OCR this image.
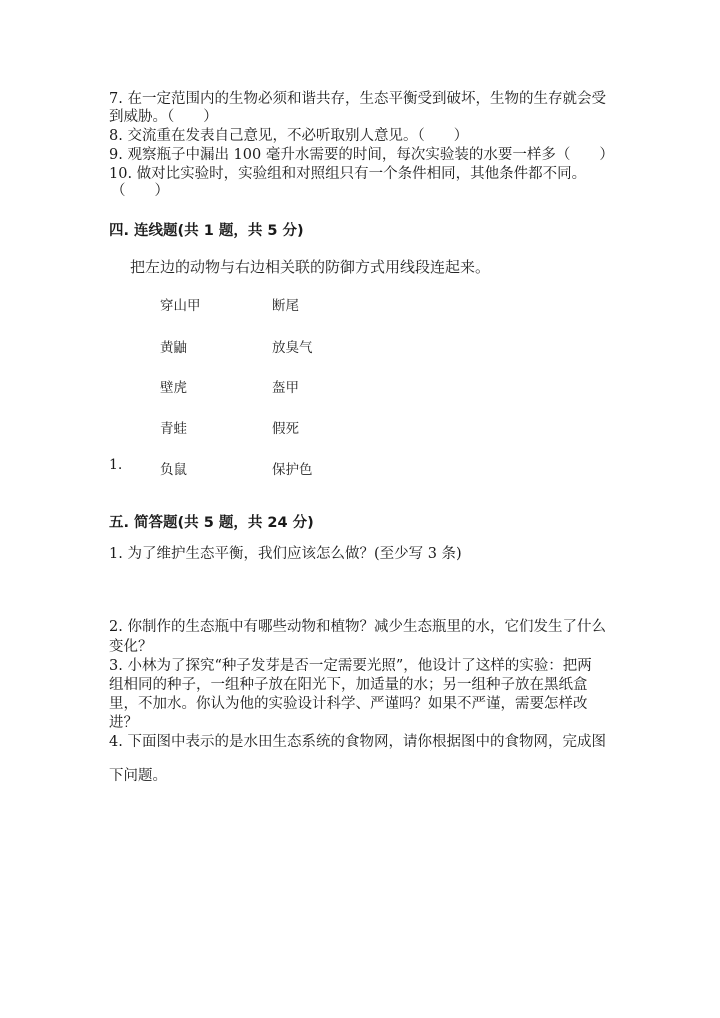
7. 在一定范围内的生物必须和谐共存，生态平衡受到破坏，生物的生存就会受
到威胁。（　　）
8. 交流重在发表自己意见，不必听取别人意见。（　　）
9. 观察瓶子中漏出 100 毫升水需要的时间，每次实验装的水要一样多（　　）
10. 做对比实验时，实验组和对照组只有一个条件相同，其他条件都不同。
（　　）
四. 连线题(共 1 题，共 5 分)
把左边的动物与右边相关联的防御方式用线段连起来。
穿山甲
黄鼬
壁虎
青蛙
负鼠
断尾
放臭气
盔甲
假死
保护色
1.
五. 简答题(共 5 题，共 24 分)
1. 为了维护生态平衡，我们应该怎么做？(至少写 3 条)
2. 你制作的生态瓶中有哪些动物和植物？减少生态瓶里的水，它们发生了什么
变化？
3. 小林为了探究“种子发芽是否一定需要光照”，他设计了这样的实验：把两
组相同的种子，一组种子放在阳光下，加适量的水；另一组种子放在黑纸盒
里，不加水。你认为他的实验设计科学、严谨吗？如果不严谨，需要怎样改
进？
4. 下面图中表示的是水田生态系统的食物网，请你根据图中的食物网，完成图
下问题。
